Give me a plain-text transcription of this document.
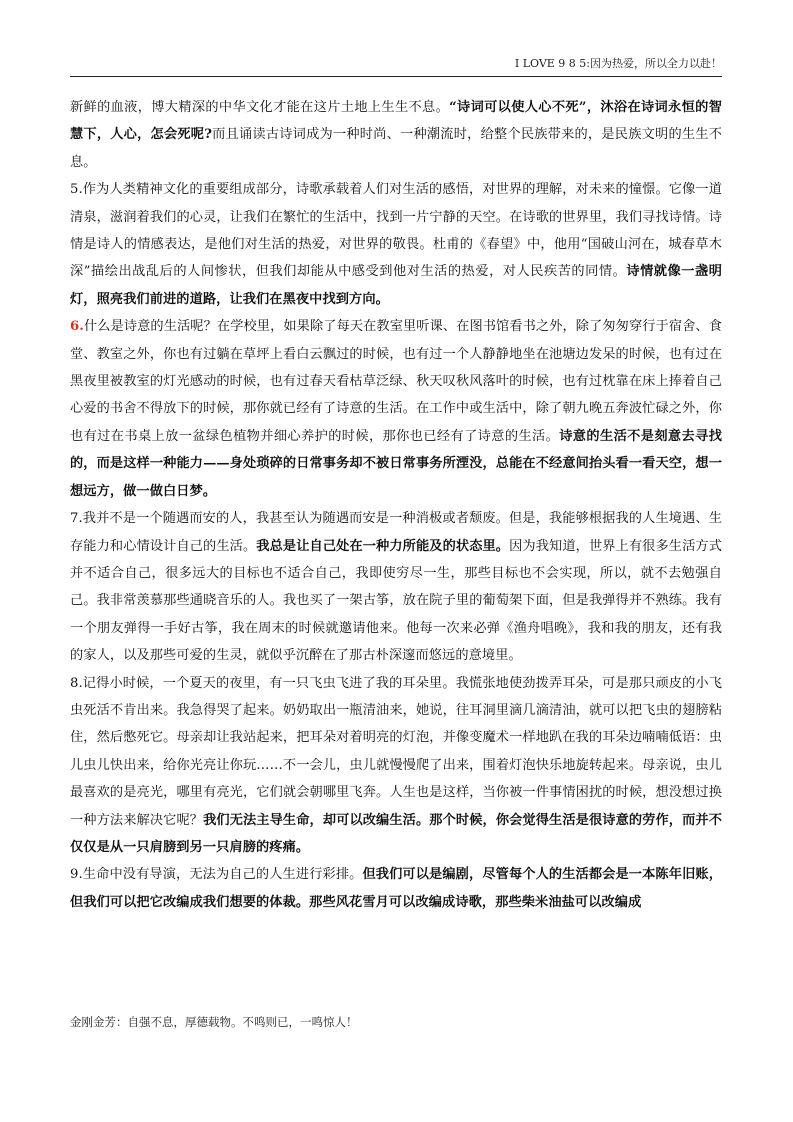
I LOVE 9 8 5:因为热爱，所以全力以赴！

新鲜的血液，博大精深的中华文化才能在这片土地上生生不息。“诗词可以使人心不死”，沐浴在诗词永恒的智慧下，人心，怎会死呢?而且诵读古诗词成为一种时尚、一种潮流时，给整个民族带来的，是民族文明的生生不息。

5.作为人类精神文化的重要组成部分，诗歌承载着人们对生活的感悟，对世界的理解，对未来的憧憬。它像一道清泉，滋润着我们的心灵，让我们在繁忙的生活中，找到一片宁静的天空。在诗歌的世界里，我们寻找诗情。诗情是诗人的情感表达，是他们对生活的热爱，对世界的敬畏。杜甫的《春望》中，他用“国破山河在，城春草木深”描绘出战乱后的人间惨状，但我们却能从中感受到他对生活的热爱，对人民疾苦的同情。诗情就像一盏明灯，照亮我们前进的道路，让我们在黑夜中找到方向。

6.什么是诗意的生活呢？在学校里，如果除了每天在教室里听课、在图书馆看书之外，除了匆匆穿行于宿舍、食堂、教室之外，你也有过躺在草坪上看白云飘过的时候，也有过一个人静静地坐在池塘边发呆的时候，也有过在黑夜里被教室的灯光感动的时候，也有过春天看枯草泛绿、秋天叹秋风落叶的时候，也有过枕靠在床上捧着自己心爱的书舍不得放下的时候，那你就已经有了诗意的生活。在工作中或生活中，除了朝九晚五奔波忙碌之外，你也有过在书桌上放一盆绿色植物并细心养护的时候，那你也已经有了诗意的生活。诗意的生活不是刻意去寻找的，而是这样一种能力——身处琐碎的日常事务却不被日常事务所湮没，总能在不经意间抬头看一看天空，想一想远方，做一做白日梦。

7.我并不是一个随遇而安的人，我甚至认为随遇而安是一种消极或者颓废。但是，我能够根据我的人生境遇、生存能力和心情设计自己的生活。我总是让自己处在一种力所能及的状态里。因为我知道，世界上有很多生活方式并不适合自己，很多远大的目标也不适合自己，我即使穷尽一生，那些目标也不会实现，所以，就不去勉强自己。我非常羡慕那些通晓音乐的人。我也买了一架古筝，放在院子里的葡萄架下面，但是我弹得并不熟练。我有一个朋友弹得一手好古筝，我在周末的时候就邀请他来。他每一次来必弹《渔舟唱晚》，我和我的朋友，还有我的家人，以及那些可爱的生灵，就似乎沉醉在了那古朴深邃而悠远的意境里。

8.记得小时候，一个夏天的夜里，有一只飞虫飞进了我的耳朵里。我慌张地使劲拨弄耳朵，可是那只顽皮的小飞虫死活不肯出来。我急得哭了起来。奶奶取出一瓶清油来，她说，往耳洞里滴几滴清油，就可以把飞虫的翅膀粘住，然后憋死它。母亲却让我站起来，把耳朵对着明亮的灯泡，并像变魔术一样地趴在我的耳朵边喃喃低语：虫儿虫儿快出来，给你光亮让你玩……不一会儿，虫儿就慢慢爬了出来，围着灯泡快乐地旋转起来。母亲说，虫儿最喜欢的是亮光，哪里有亮光，它们就会朝哪里飞奔。人生也是这样，当你被一件事情困扰的时候，想没想过换一种方法来解决它呢？我们无法主导生命，却可以改编生活。那个时候，你会觉得生活是很诗意的劳作，而并不仅仅是从一只肩膀到另一只肩膀的疼痛。

9.生命中没有导演，无法为自己的人生进行彩排。但我们可以是编剧，尽管每个人的生活都会是一本陈年旧账，但我们可以把它改编成我们想要的体裁。那些风花雪月可以改编成诗歌，那些柴米油盐可以改编成

金刚金芳：自强不息，厚德载物。不鸣则已，一鸣惊人！
